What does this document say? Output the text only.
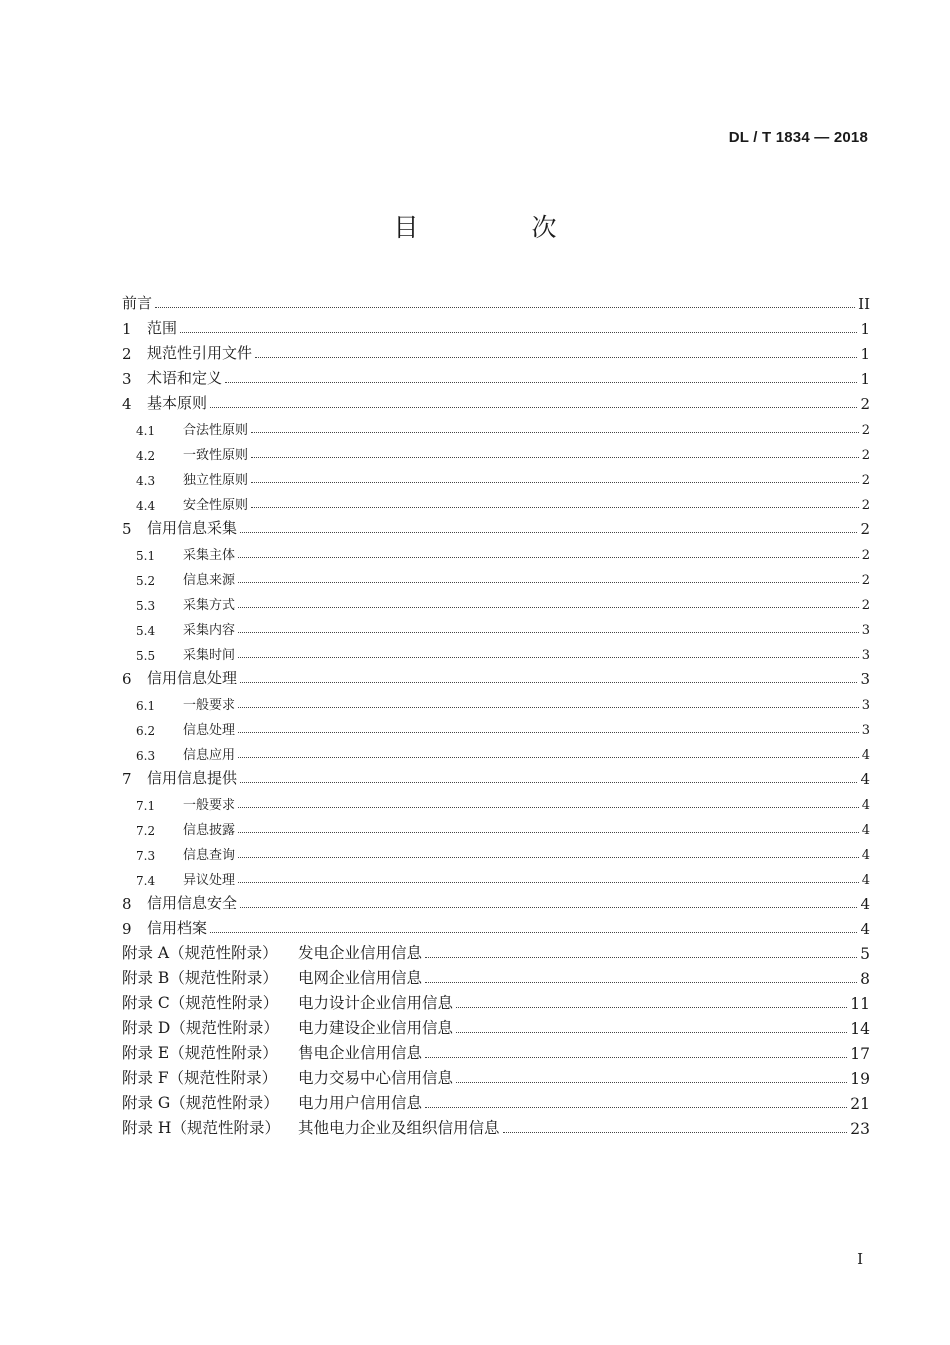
DL / T 1834 — 2018
目　次
前言	II
1	范围	1
2	规范性引用文件	1
3	术语和定义	1
4	基本原则	2
4.1	合法性原则	2
4.2	一致性原则	2
4.3	独立性原则	2
4.4	安全性原则	2
5	信用信息采集	2
5.1	采集主体	2
5.2	信息来源	2
5.3	采集方式	2
5.4	采集内容	3
5.5	采集时间	3
6	信用信息处理	3
6.1	一般要求	3
6.2	信息处理	3
6.3	信息应用	4
7	信用信息提供	4
7.1	一般要求	4
7.2	信息披露	4
7.3	信息查询	4
7.4	异议处理	4
8	信用信息安全	4
9	信用档案	4
附录 A（规范性附录）	发电企业信用信息	5
附录 B（规范性附录）	电网企业信用信息	8
附录 C（规范性附录）	电力设计企业信用信息	11
附录 D（规范性附录）	电力建设企业信用信息	14
附录 E（规范性附录）	售电企业信用信息	17
附录 F（规范性附录）	电力交易中心信用信息	19
附录 G（规范性附录）	电力用户信用信息	21
附录 H（规范性附录）	其他电力企业及组织信用信息	23
I
